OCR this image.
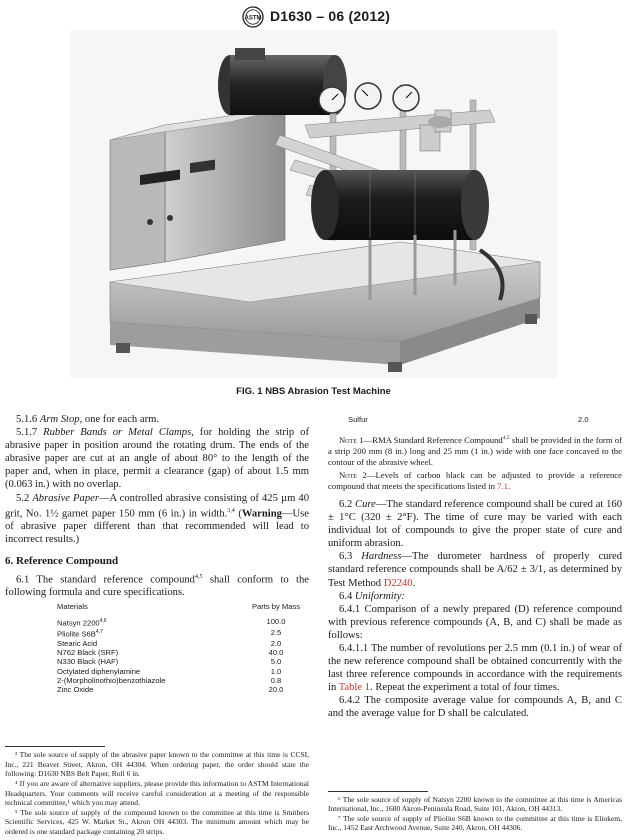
ASTM D1630 – 06 (2012)
FIG. 1 NBS Abrasion Test Machine

5.1.6 Arm Stop, one for each arm.

5.1.7 Rubber Bands or Metal Clamps, for holding the strip of abrasive paper in position around the rotating drum. The ends of the abrasive paper are cut at an angle of about 80° to the length of the paper and, when in place, permit a clearance (gap) of about 1.5 mm (0.063 in.) with no overlap.

5.2 Abrasive Paper—A controlled abrasive consisting of 425 µm 40 grit, No. 1½ garnet paper 150 mm (6 in.) in width.$^{3,4}$ (Warning—Use of abrasive paper different than that recommended will lead to incorrect results.)

6. Reference Compound

6.1 The standard reference compound$^{4,5}$ shall conform to the following formula and cure specifications.

Materials	Parts by Mass
Natsyn 2200$^{4,6}$	100.0
Pliolite $S6B^{4,7}$	2.5
Stearic Acid	2.0
N762 Black (SRF)	40.0
N330 Black (HAF)	5.0
Octylated diphenylamine	1.0
2-(Morpholinothio)benzothiazole	0.8
Zinc Oxide	20.0

³ The sole source of supply of the abrasive paper known to the committee at this time is CCSI, Inc., 221 Beaver Street, Akron, OH 44304. When ordering paper, the order should state the following: D1630 NBS Belt Paper, Roll 6 in.

⁴ If you are aware of alternative suppliers, please provide this information to ASTM International Headquarters. Your comments will receive careful consideration at a meeting of the responsible technical committee,¹ which you may attend.

⁵ The sole source of supply of the compound known to the committee at this time is Smithers Scientific Services, 425 W. Market St., Akron OH 44303. The minimum amount which may be ordered is one standard package containing 20 strips.

Sulfur	2.0

Note 1—RMA Standard Reference Compound$^{4,5}$ shall be provided in the form of a strip 200 mm (8 in.) long and 25 mm (1 in.) wide with one face concaved to the contour of the abrasive wheel.

Note 2—Levels of carbon black can be adjusted to provide a reference compound that meets the specifications listed in 7.1.

6.2 Cure—The standard reference compound shall be cured at 160 ± 1°C (320 ± 2°F). The time of cure may be varied with each individual lot of compounds to give the proper state of cure and uniform abrasion.

6.3 Hardness—The durometer hardness of properly cured standard reference compounds shall be A/62 ± 3/1, as determined by Test Method D2240.

6.4 Uniformity:

6.4.1 Comparison of a newly prepared (D) reference compound with previous reference compounds (A, B, and C) shall be made as follows:

6.4.1.1 The number of revolutions per 2.5 mm (0.1 in.) of wear of the new reference compound shall be obtained concurrently with the last three reference compounds in accordance with the requirements in Table 1. Repeat the experiment a total of four times.

6.4.2 The composite average value for compounds A, B, and C and the average value for D shall be calculated.

⁶ The sole source of supply of Natsyn 2200 known to the committee at this time is Americas International, Inc., 1680 Akron-Peninsula Road, Suite 101, Akron, OH 44313.

⁷ The sole source of supply of Pliolite S6B known to the committee at this time is Eliokem, Inc., 1452 East Archwood Avenue, Suite 240, Akron, OH 44306.
